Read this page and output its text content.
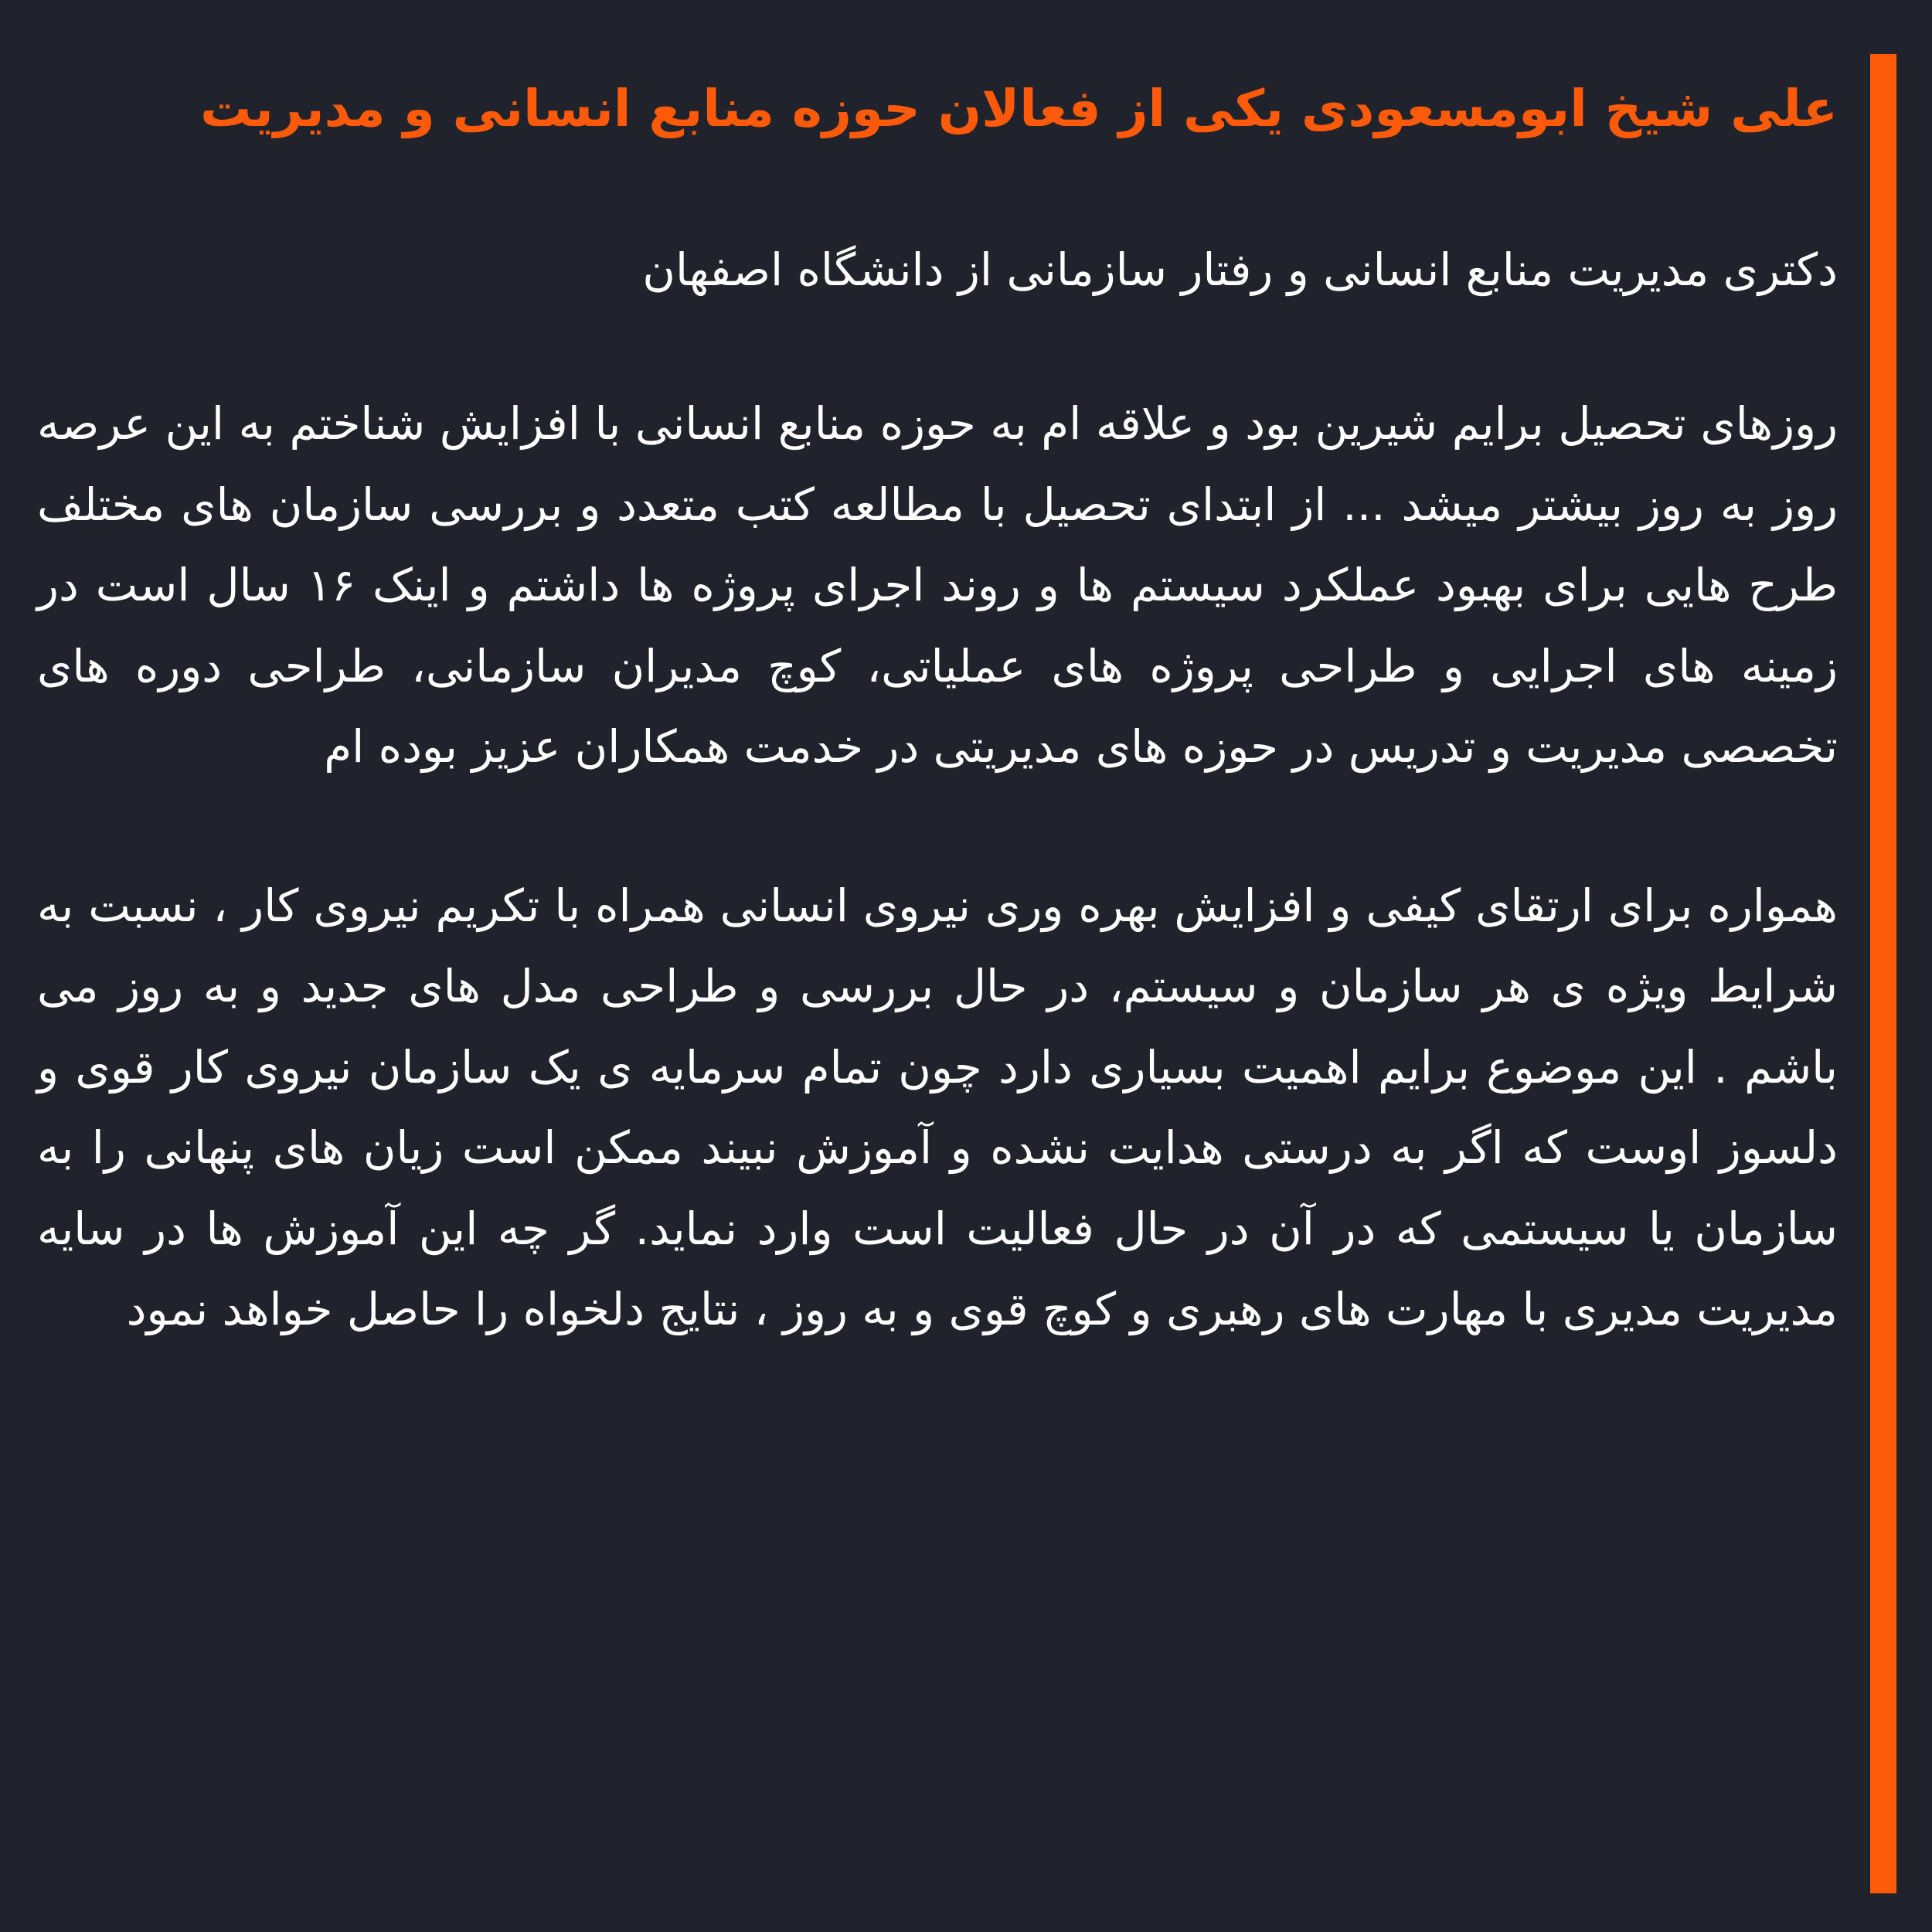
علی شیخ ابومسعودی یکی از فعالان حوزه منابع انسانی و مدیریت

دکتری مدیریت منابع انسانی و رفتار سازمانی از دانشگاه اصفهان

روزهای تحصیل برایم شیرین بود و علاقه ام به حوزه منابع انسانی با افزایش شناختم به این عرصه روز به روز بیشتر میشد ... از ابتدای تحصیل با مطالعه کتب متعدد و بررسی سازمان های مختلف طرح هایی برای بهبود عملکرد سیستم ها و روند اجرای پروژه ها داشتم و اینک ۱۶ سال است در زمینه های اجرایی و طراحی پروژه های عملیاتی، کوچ مدیران سازمانی، طراحی دوره های تخصصی مدیریت و تدریس در حوزه های مدیریتی در خدمت همکاران عزیز بوده ام

همواره برای ارتقای کیفی و افزایش بهره وری نیروی انسانی همراه با تکریم نیروی کار ، نسبت به شرایط ویژه ی هر سازمان و سیستم، در حال بررسی و طراحی مدل های جدید و به روز می باشم . این موضوع برایم اهمیت بسیاری دارد چون تمام سرمایه ی یک سازمان نیروی کار قوی و دلسوز اوست که اگر به درستی هدایت نشده و آموزش نبیند ممکن است زیان های پنهانی را به سازمان یا سیستمی که در آن در حال فعالیت است وارد نماید. گر چه این آموزش ها در سایه مدیریت مدیری با مهارت های رهبری و کوچ قوی و به روز ، نتایج دلخواه را حاصل خواهد نمود
